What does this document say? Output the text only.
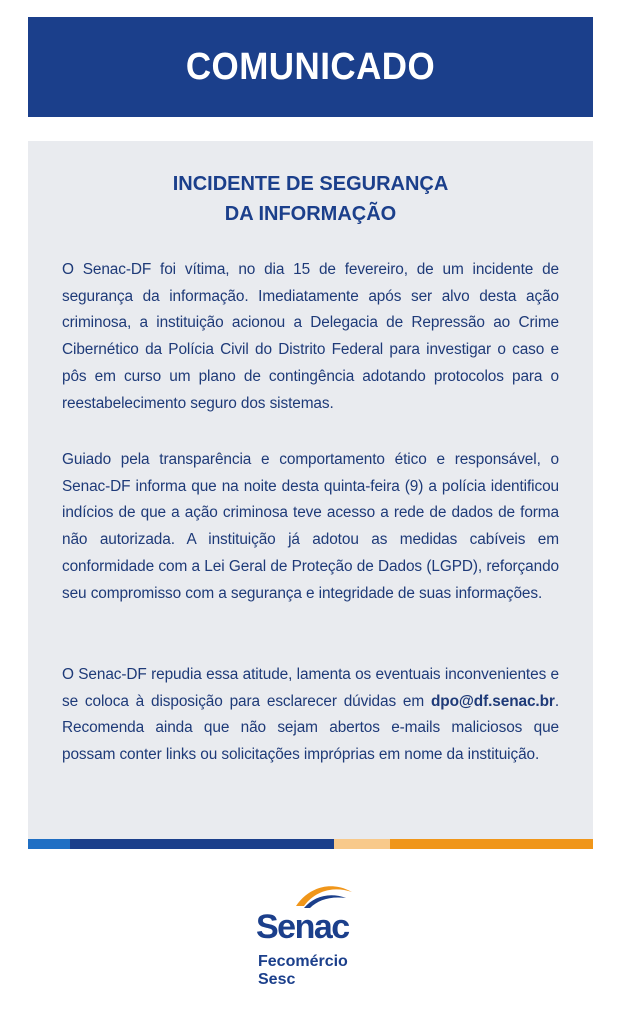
COMUNICADO
INCIDENTE DE SEGURANÇA
DA INFORMAÇÃO

O Senac-DF foi vítima, no dia 15 de fevereiro, de um incidente de segurança da informação. Imediatamente após ser alvo desta ação criminosa, a instituição acionou a Delegacia de Repressão ao Crime Cibernético da Polícia Civil do Distrito Federal para investigar o caso e pôs em curso um plano de contingência adotando protocolos para o reestabelecimento seguro dos sistemas.

Guiado pela transparência e comportamento ético e responsável, o Senac-DF informa que na noite desta quinta-feira (9) a polícia identificou indícios de que a ação criminosa teve acesso a rede de dados de forma não autorizada. A instituição já adotou as medidas cabíveis em conformidade com a Lei Geral de Proteção de Dados (LGPD), reforçando seu compromisso com a segurança e integridade de suas informações.

O Senac-DF repudia essa atitude, lamenta os eventuais inconvenientes e se coloca à disposição para esclarecer dúvidas em dpo@df.senac.br. Recomenda ainda que não sejam abertos e-mails maliciosos que possam conter links ou solicitações impróprias em nome da instituição.

Senac
Fecomércio
Sesc
